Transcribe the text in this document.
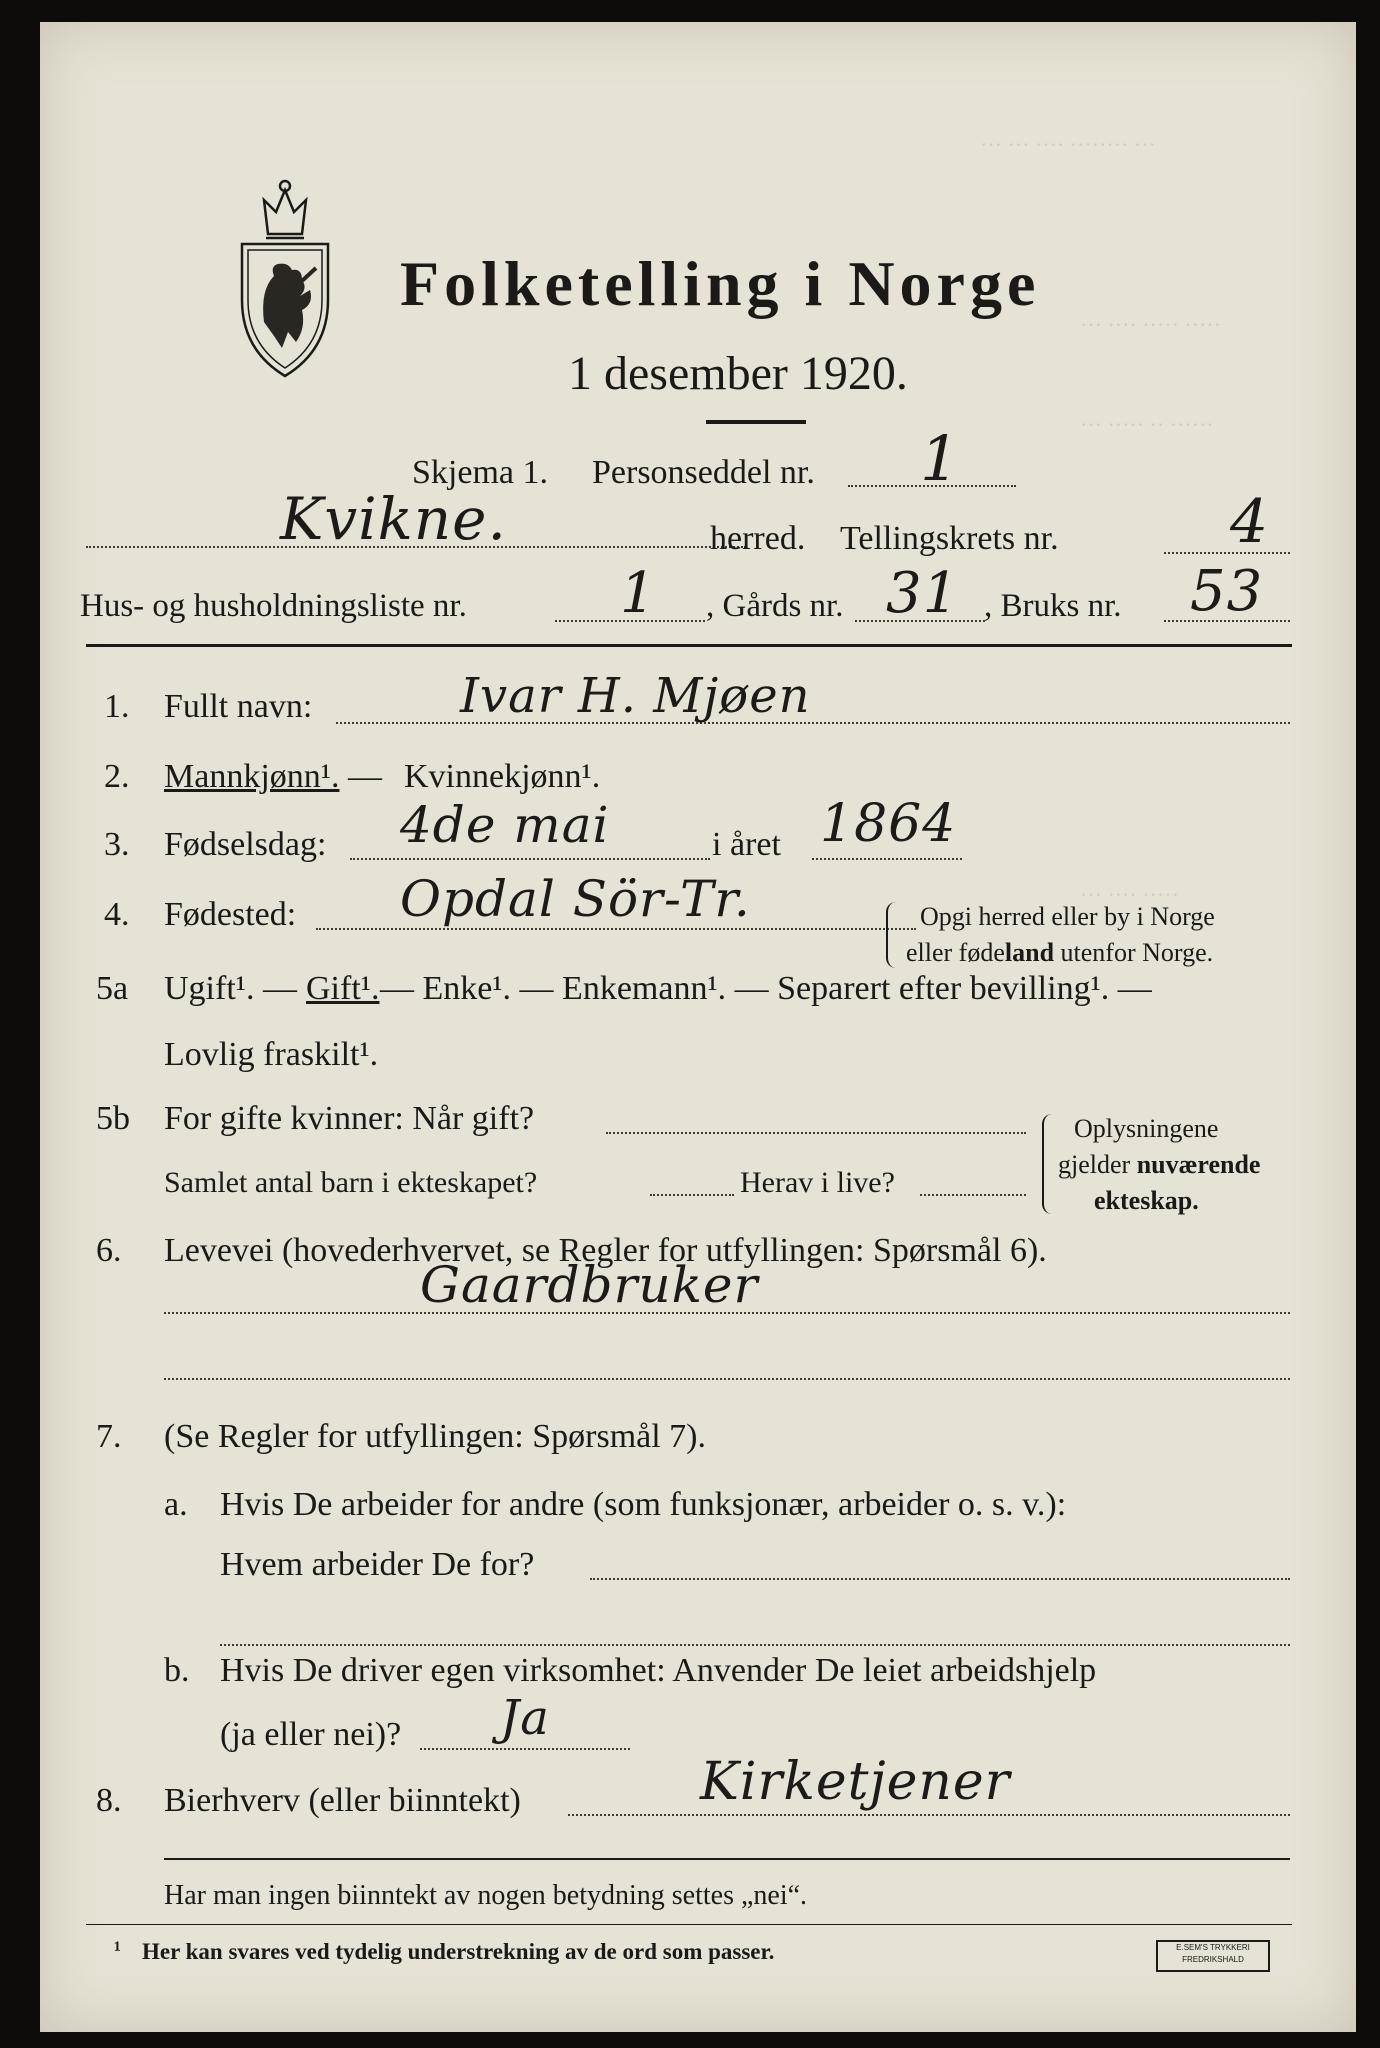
··· ··· ···· ········ ···
··· ···· ····· ·····
··· ····· ·· ······
··· ···· ·····
Folketelling i Norge
1 desember 1920.
Skjema 1. Personseddel nr. 1
Kvikne.	herred. Tellingskrets nr.	4
Hus- og husholdningsliste nr.	1 , Gårds nr. 31 , Bruks nr. 53
1. Fullt navn:	Ivar H. Mjøen
2. Mannkjønn¹. — Kvinnekjønn¹.
3. Fødselsdag: 4de mai	i året 1864
4. Fødested: Opdal Sör-Tr.	Opgi herred eller by i Norge
eller fødeland utenfor Norge.
5a Ugift¹. — Gift¹. — Enke¹. — Enkemann¹. — Separert efter bevilling¹. —
Lovlig fraskilt¹.
5b For gifte kvinner: Når gift?
Samlet antal barn i ekteskapet?	Herav i live?
Oplysningene
gjelder nuværende
ekteskap.
6. Levevei (hovederhvervet, se Regler for utfyllingen: Spørsmål 6).
Gaardbruker
7. (Se Regler for utfyllingen: Spørsmål 7).
a. Hvis De arbeider for andre (som funksjonær, arbeider o. s. v.):
Hvem arbeider De for?
b. Hvis De driver egen virksomhet: Anvender De leiet arbeidshjelp
(ja eller nei)? Ja
8. Bierhverv (eller biinntekt)	Kirketjener
Har man ingen biinntekt av nogen betydning settes „nei“.
¹ Her kan svares ved tydelig understrekning av de ord som passer.	E.SEM'S TRYKKERI
FREDRIKSHALD
